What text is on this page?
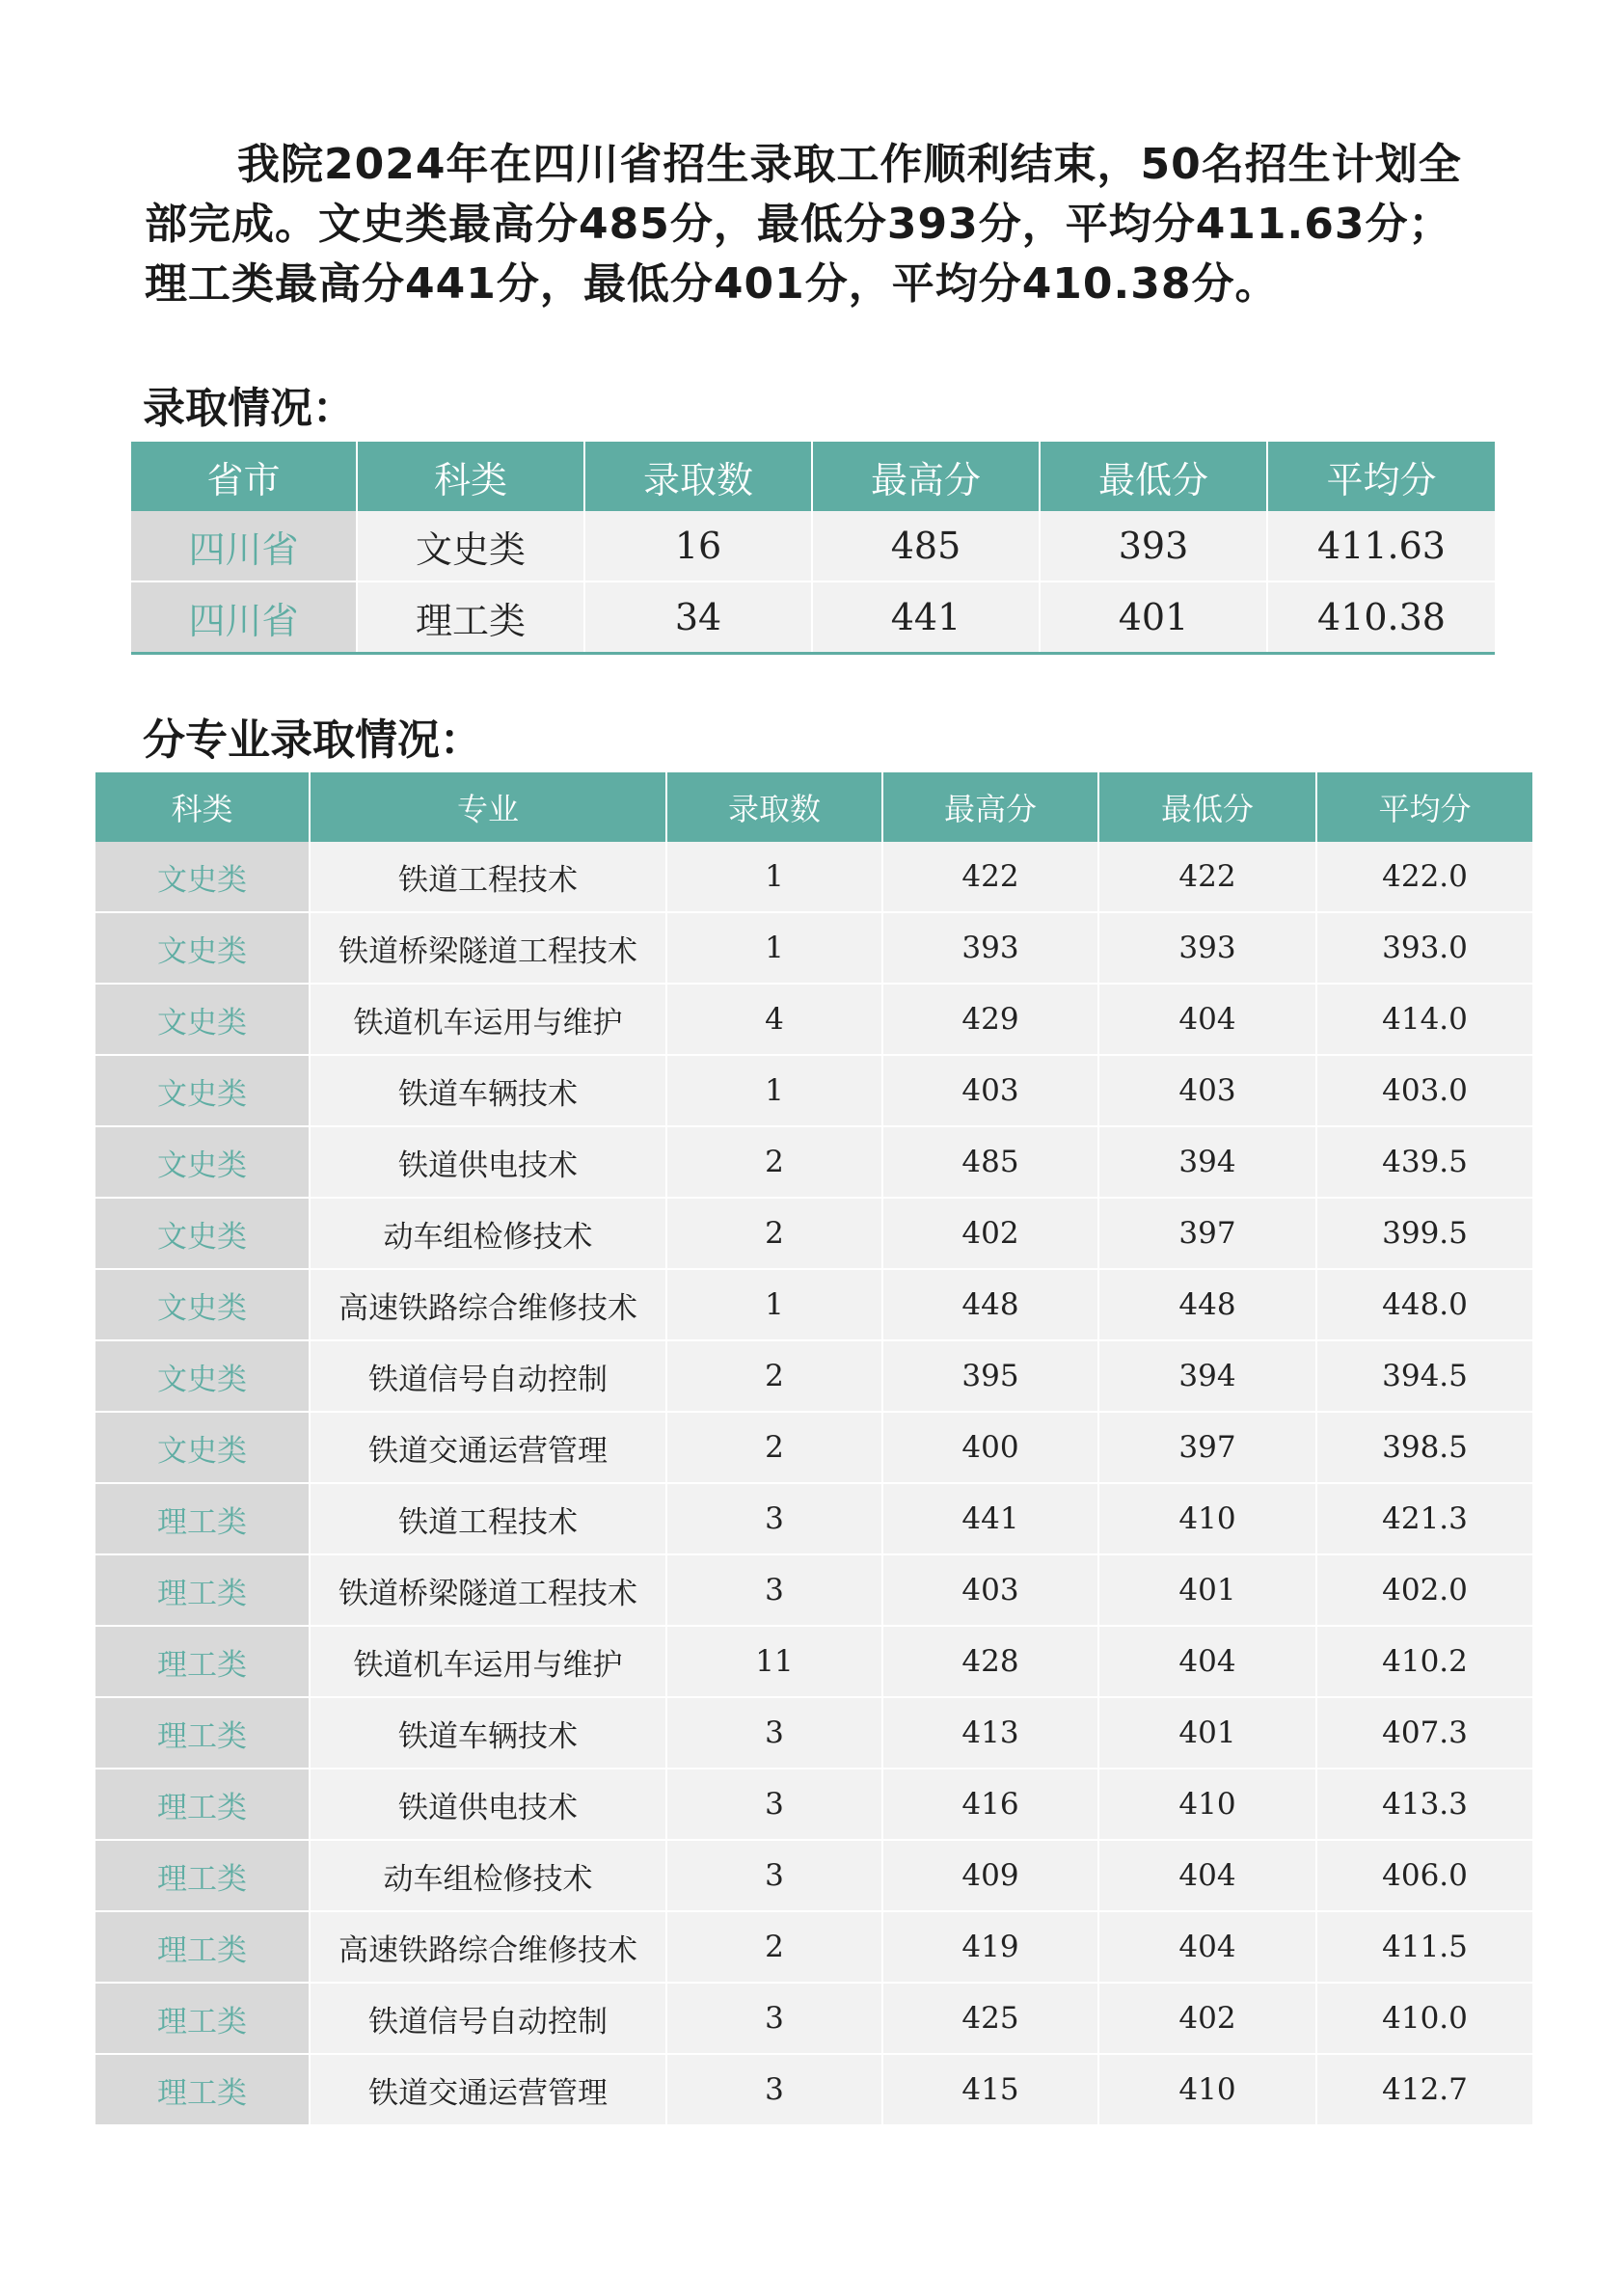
我院2024年在四川省招生录取工作顺利结束，50名招生计划全部完成。文史类最高分485分，最低分393分，平均分411.63分；理工类最高分441分，最低分401分，平均分410.38分。

录取情况：
省市	科类	录取数	最高分	最低分	平均分
四川省	文史类	16	485	393	411.63
四川省	理工类	34	441	401	410.38
分专业录取情况：
科类	专业	录取数	最高分	最低分	平均分
文史类	铁道工程技术	1	422	422	422.0
文史类	铁道桥梁隧道工程技术	1	393	393	393.0
文史类	铁道机车运用与维护	4	429	404	414.0
文史类	铁道车辆技术	1	403	403	403.0
文史类	铁道供电技术	2	485	394	439.5
文史类	动车组检修技术	2	402	397	399.5
文史类	高速铁路综合维修技术	1	448	448	448.0
文史类	铁道信号自动控制	2	395	394	394.5
文史类	铁道交通运营管理	2	400	397	398.5
理工类	铁道工程技术	3	441	410	421.3
理工类	铁道桥梁隧道工程技术	3	403	401	402.0
理工类	铁道机车运用与维护	11	428	404	410.2
理工类	铁道车辆技术	3	413	401	407.3
理工类	铁道供电技术	3	416	410	413.3
理工类	动车组检修技术	3	409	404	406.0
理工类	高速铁路综合维修技术	2	419	404	411.5
理工类	铁道信号自动控制	3	425	402	410.0
理工类	铁道交通运营管理	3	415	410	412.7
